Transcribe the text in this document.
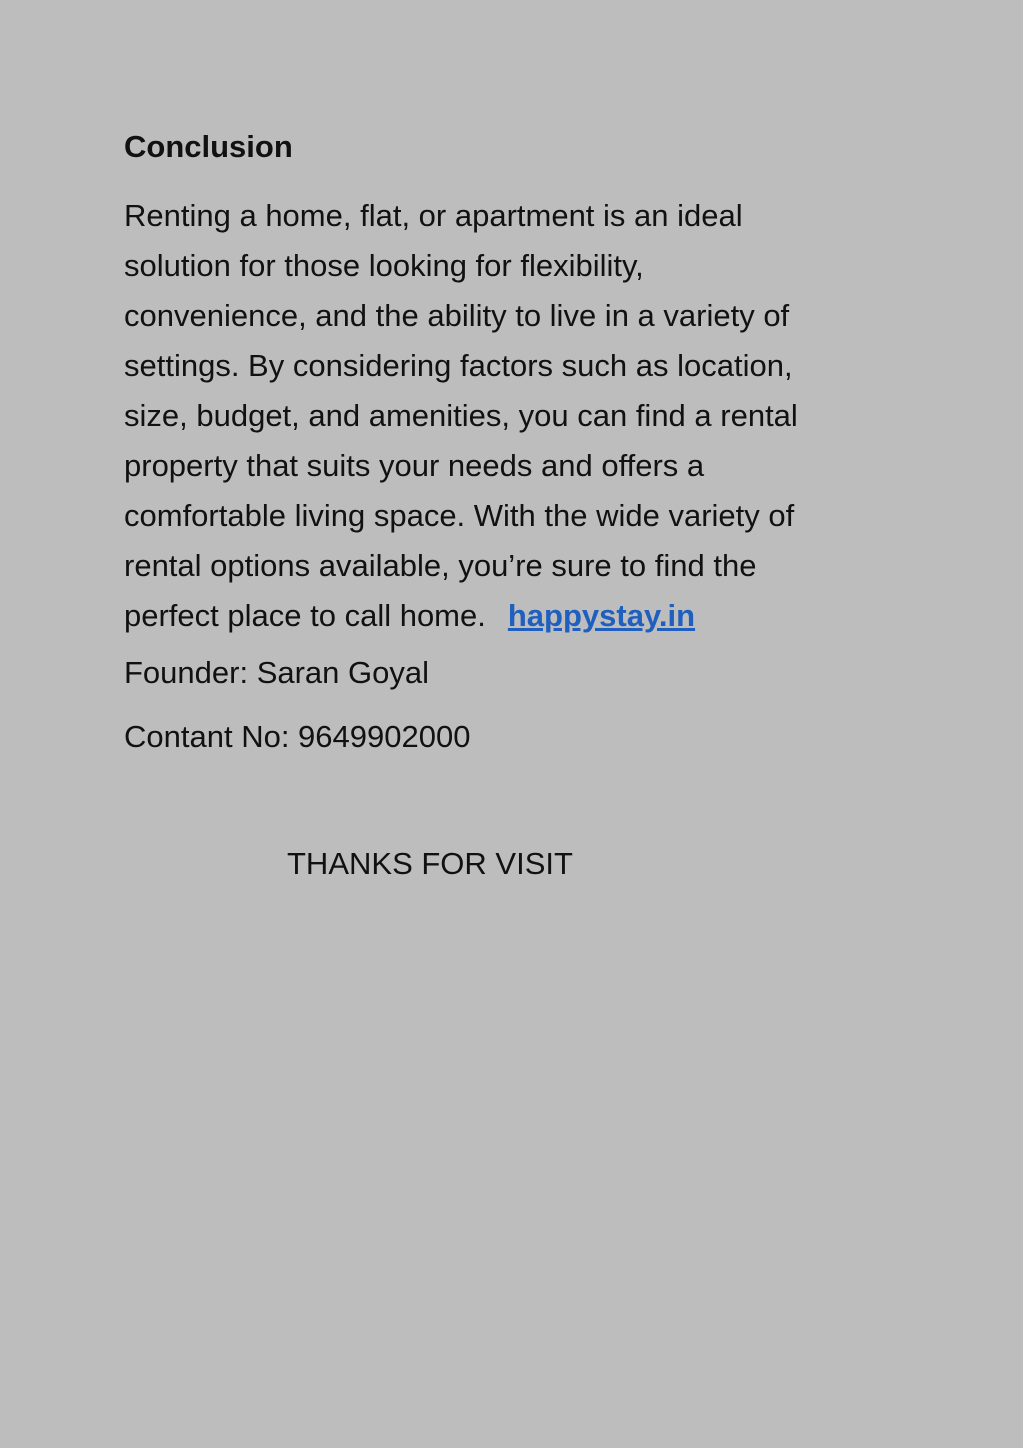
Conclusion
Renting a home, flat, or apartment is an ideal
solution for those looking for flexibility,
convenience, and the ability to live in a variety of
settings. By considering factors such as location,
size, budget, and amenities, you can find a rental
property that suits your needs and offers a
comfortable living space. With the wide variety of
rental options available, you’re sure to find the
perfect place to call home. happystay.in

Founder: Saran Goyal

Contant No: 9649902000

THANKS FOR VISIT
